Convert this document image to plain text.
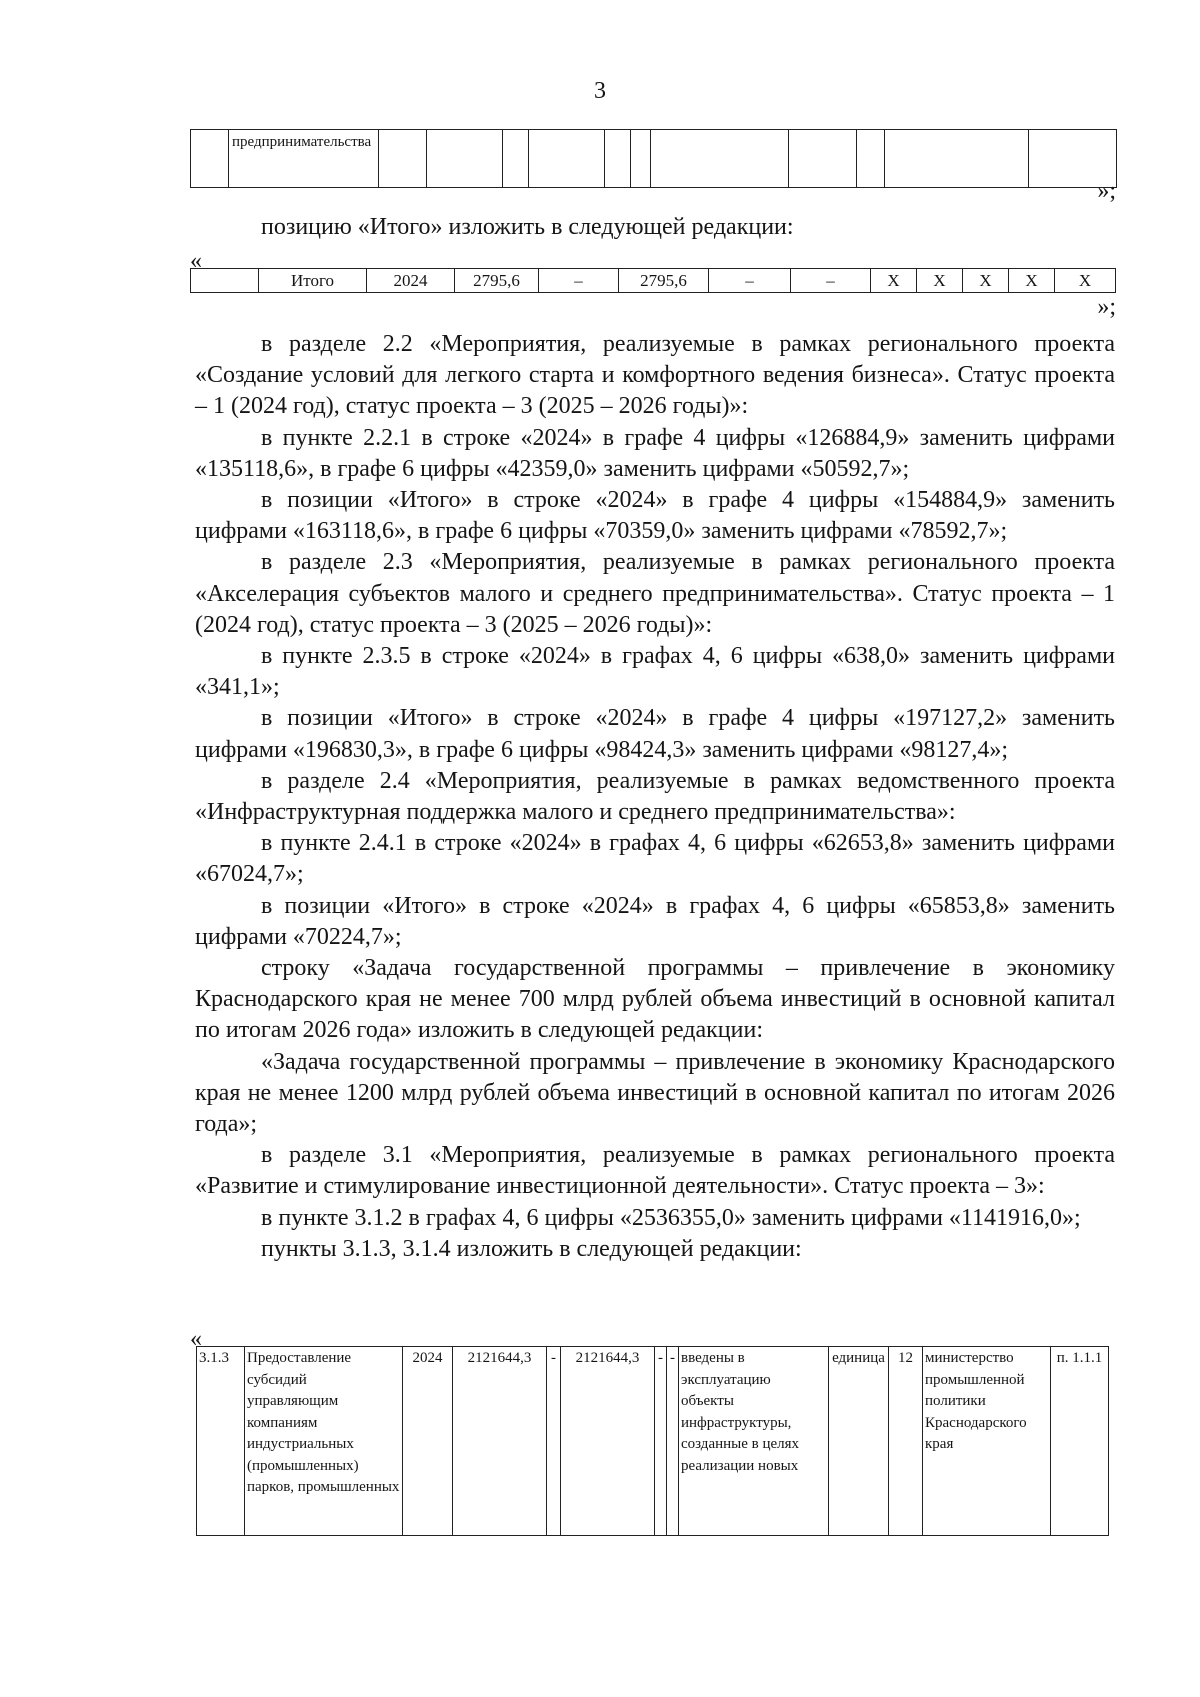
3
	предпринимательства											
»;

позицию «Итого» изложить в следующей редакции:

«
	Итого	2024	2795,6	–	2795,6	–	–	Х	Х	Х	Х	Х
»;

в разделе 2.2 «Мероприятия, реализуемые в рамках регионального проекта «Создание условий для легкого старта и комфортного ведения бизнеса». Статус проекта – 1 (2024 год), статус проекта – 3 (2025 – 2026 годы)»:

в пункте 2.2.1 в строке «2024» в графе 4 цифры «126884,9» заменить цифрами «135118,6», в графе 6 цифры «42359,0» заменить цифрами «50592,7»;

в позиции «Итого» в строке «2024» в графе 4 цифры «154884,9» заменить цифрами «163118,6», в графе 6 цифры «70359,0» заменить цифрами «78592,7»;

в разделе 2.3 «Мероприятия, реализуемые в рамках регионального проекта «Акселерация субъектов малого и среднего предпринимательства». Статус проекта – 1 (2024 год), статус проекта – 3 (2025 – 2026 годы)»:

в пункте 2.3.5 в строке «2024» в графах 4, 6 цифры «638,0» заменить цифрами «341,1»;

в позиции «Итого» в строке «2024» в графе 4 цифры «197127,2» заменить цифрами «196830,3», в графе 6 цифры «98424,3» заменить цифрами «98127,4»;

в разделе 2.4 «Мероприятия, реализуемые в рамках ведомственного проекта «Инфраструктурная поддержка малого и среднего предпринимательства»:

в пункте 2.4.1 в строке «2024» в графах 4, 6 цифры «62653,8» заменить цифрами «67024,7»;

в позиции «Итого» в строке «2024» в графах 4, 6 цифры «65853,8» заменить цифрами «70224,7»;

строку «Задача государственной программы – привлечение в экономику Краснодарского края не менее 700 млрд рублей объема инвестиций в основной капитал по итогам 2026 года» изложить в следующей редакции:

«Задача государственной программы – привлечение в экономику Краснодарского края не менее 1200 млрд рублей объема инвестиций в основной капитал по итогам 2026 года»;

в разделе 3.1 «Мероприятия, реализуемые в рамках регионального проекта «Развитие и стимулирование инвестиционной деятельности». Статус проекта – 3»:

в пункте 3.1.2 в графах 4, 6 цифры «2536355,0» заменить цифрами «1141916,0»;

пункты 3.1.3, 3.1.4 изложить в следующей редакции:

«
3.1.3	Предоставление субсидий управляющим компаниям индустриальных (промышленных) парков, промышленных	2024	2121644,3	-	2121644,3	-	-	введены в эксплуатацию объекты инфраструктуры, созданные в целях реализации новых	единица	12	министерство промышленной политики Краснодарского края	п. 1.1.1
